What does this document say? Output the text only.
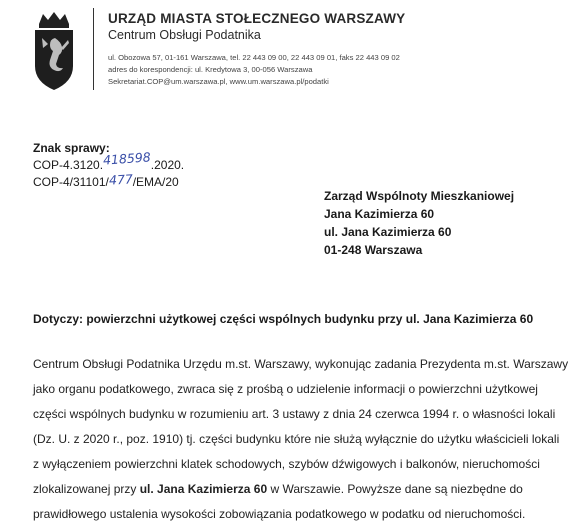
URZĄD MIASTA STOŁECZNEGO WARSZAWY
Centrum Obsługi Podatnika
ul. Obozowa 57, 01-161 Warszawa, tel. 22 443 09 00, 22 443 09 01, faks 22 443 09 02
adres do korespondencji: ul. Kredytowa 3, 00-056 Warszawa
Sekretariat.COP@um.warszawa.pl, www.um.warszawa.pl/podatki
Znak sprawy:
COP-4.3120.418598.2020.
COP-4/31101/477/EMA/20
Zarząd Wspólnoty Mieszkaniowej
Jana Kazimierza 60
ul. Jana Kazimierza 60
01-248 Warszawa
Dotyczy: powierzchni użytkowej części wspólnych budynku przy ul. Jana Kazimierza 60
Centrum Obsługi Podatnika Urzędu m.st. Warszawy, wykonując zadania Prezydenta m.st. Warszawy
jako organu podatkowego, zwraca się z prośbą o udzielenie informacji o powierzchni użytkowej
części wspólnych budynku w rozumieniu art. 3 ustawy z dnia 24 czerwca 1994 r. o własności lokali
(Dz. U. z 2020 r., poz. 1910) tj. części budynku które nie służą wyłącznie do użytku właścicieli lokali
z wyłączeniem powierzchni klatek schodowych, szybów dźwigowych i balkonów, nieruchomości
zlokalizowanej przy ul. Jana Kazimierza 60 w Warszawie. Powyższe dane są niezbędne do
prawidłowego ustalenia wysokości zobowiązania podatkowego w podatku od nieruchomości.
